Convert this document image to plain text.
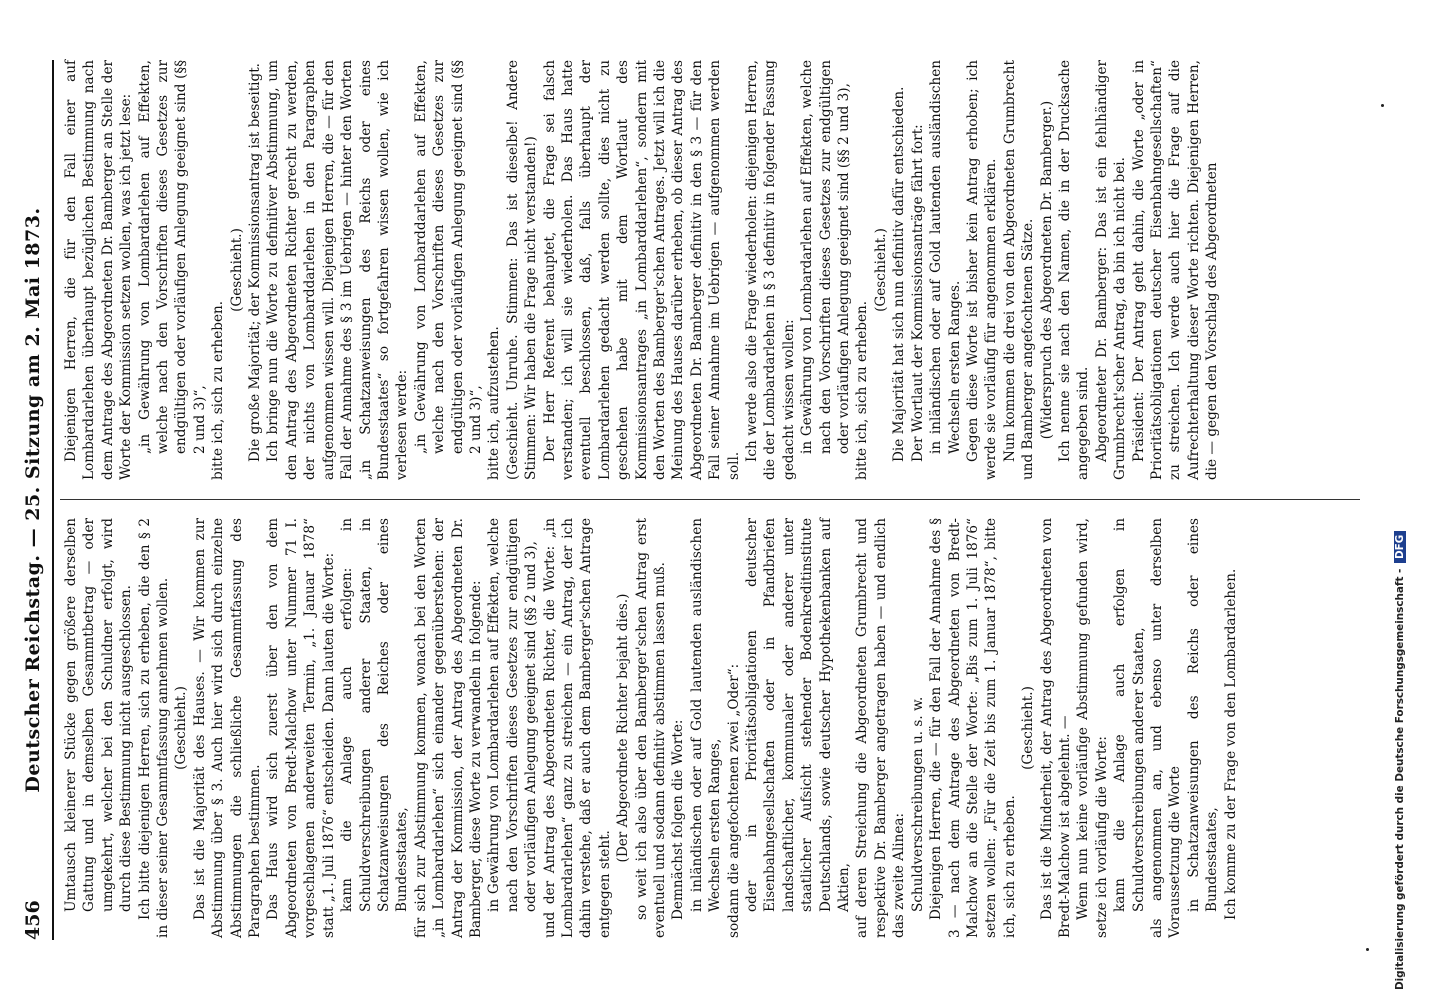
456
Deutscher Reichstag. — 25. Sitzung am 2. Mai 1873. Umtausch kleinerer Stücke gegen größere derselben Gattung und in demselben Gesammtbetrag — oder umgekehrt, welcher bei den Schuldner erfolgt, wird durch diese Bestimmung nicht ausgeschlossen. Ich bitte diejenigen Herren, sich zu erheben, die den § 2 in dieser seiner Gesammtfassung annehmen wollen. (Geschieht.) Das ist die Majorität des Hauses. — Wir kommen zur Abstimmung über § 3. Auch hier wird sich durch einzelne Abstimmungen die schließliche Gesammtfassung des Paragraphen bestimmen. Das Haus wird sich zuerst über den von dem Abgeordneten von Bredt-Malchow unter Nummer 71 I. vorgeschlagenen anderweiten Termin, „1. Januar 1878“ statt „1. Juli 1876“ entscheiden. Dann lauten die Worte: kann die Anlage auch erfolgen: in Schuldverschreibungen anderer Staaten, in Schatzanweisungen des Reiches oder eines Bundesstaates, für sich zur Abstimmung kommen, wonach bei den Worten „in Lombardarlehen“ sich einander gegenüberstehen: der Antrag der Kommission, der Antrag des Abgeordneten Dr. Bamberger, diese Worte zu verwandeln in folgende: in Gewährung von Lombardarlehen auf Effekten, welche nach den Vorschriften dieses Gesetzes zur endgültigen oder vorläufigen Anlegung geeignet sind (§§ 2 und 3), und der Antrag des Abgeordneten Richter, die Worte: „in Lombardarlehen“ ganz zu streichen — ein Antrag, der ich dahin verstehe, daß er auch dem Bamberger'schen Antrage entgegen steht.

(Der Abgeordnete Richter bejaht dies.) so weit ich also über den Bamberger'schen Antrag erst eventuell und sodann definitiv abstimmen lassen muß. Demnächst folgen die Worte: in inländischen oder auf Gold lautenden ausländischen Wechseln ersten Ranges, sodann die angefochtenen zwei „Oder“: oder in Prioritätsobligationen deutscher Eisenbahngesellschaften oder in Pfandbriefen landschaftlicher, kommunaler oder anderer unter staatlicher Aufsicht stehender Bodenkreditinstitute Deutschlands, sowie deutscher Hypothekenbanken auf Aktien, auf deren Streichung die Abgeordneten Grumbrecht und respektive Dr. Bamberger angetragen haben — und endlich das zweite Alinea: Schuldverschreibungen u. s. w. Diejenigen Herren, die — für den Fall der Annahme des § 3 — nach dem Antrage des Abgeordneten von Bredt-Malchow an die Stelle der Worte: „Bis zum 1. Juli 1876“ setzen wollen: „Für die Zeit bis zum 1. Januar 1878“, bitte ich, sich zu erheben.

(Geschieht.) Das ist die Minderheit, der Antrag des Abgeordneten von Bredt-Malchow ist abgelehnt. — Wenn nun keine vorläufige Abstimmung gefunden wird, setze ich vorläufig die Worte: kann die Anlage auch erfolgen in Schuldverschreibungen anderer Staaten, als angenommen an, und ebenso unter derselben Voraussetzung die Worte in Schatzanweisungen des Reichs oder eines Bundesstaates, Ich komme zu der Frage von den Lombardarlehen.

Diejenigen Herren, die für den Fall einer auf Lombardarlehen überhaupt bezüglichen Bestimmung nach dem Antrage des Abgeordneten Dr. Bamberger an Stelle der Worte der Kommission setzen wollen, was ich jetzt lese: „in Gewährung von Lombardarlehen auf Effekten, welche nach den Vorschriften dieses Gesetzes zur endgültigen oder vorläufigen Anlegung geeignet sind (§§ 2 und 3)“, bitte ich, sich zu erheben.

(Geschieht.) Die große Majorität; der Kommissionsantrag ist beseitigt. Ich bringe nun die Worte zu definitiver Abstimmung, um den Antrag des Abgeordneten Richter gerecht zu werden, der nichts von Lombarddarlehen in den Paragraphen aufgenommen wissen will. Diejenigen Herren, die — für den Fall der Annahme des § 3 im Uebrigen — hinter den Worten „in Schatzanweisungen des Reichs oder eines Bundesstaates“ so fortgefahren wissen wollen, wie ich verlesen werde: „in Gewährung von Lombarddarlehen auf Effekten, welche nach den Vorschriften dieses Gesetzes zur endgültigen oder vorläufigen Anlegung geeignet sind (§§ 2 und 3)“, bitte ich, aufzustehen. (Geschieht. Unruhe. Stimmen: Das ist dieselbe! Andere Stimmen: Wir haben die Frage nicht verstanden!) Der Herr Referent behauptet, die Frage sei falsch verstanden; ich will sie wiederholen. Das Haus hatte eventuell beschlossen, daß, falls überhaupt der Lombardarlehen gedacht werden sollte, dies nicht zu geschehen habe mit dem Wortlaut des Kommissionsantrages „in Lombarddarlehen“, sondern mit den Worten des Bamberger'schen Antrages. Jetzt will ich die Meinung des Hauses darüber erheben, ob dieser Antrag des Abgeordneten Dr. Bamberger definitiv in den § 3 — für den Fall seiner Annahme im Uebrigen — aufgenommen werden soll.

Ich werde also die Frage wiederholen: diejenigen Herren, die der Lombardarlehen in § 3 definitiv in folgender Fassung gedacht wissen wollen: in Gewährung von Lombardarlehen auf Effekten, welche nach den Vorschriften dieses Gesetzes zur endgültigen oder vorläufigen Anlegung geeignet sind (§§ 2 und 3), bitte ich, sich zu erheben.

(Geschieht.) Die Majorität hat sich nun definitiv dafür entschieden. Der Wortlaut der Kommissionsanträge fährt fort: in inländischen oder auf Gold lautenden ausländischen Wechseln ersten Ranges. Gegen diese Worte ist bisher kein Antrag erhoben; ich werde sie vorläufig für angenommen erklären. Nun kommen die drei von den Abgeordneten Grumbrecht und Bamberger angefochtenen Sätze. (Widerspruch des Abgeordneten Dr. Bamberger.) Ich nenne sie nach den Namen, die in der Drucksache angegeben sind. Abgeordneter Dr. Bamberger: Das ist ein fehlhändiger Grumbrecht'scher Antrag, da bin ich nicht bei. Präsident: Der Antrag geht dahin, die Worte „oder in Prioritätsobligationen deutscher Eisenbahngesellschaften“ zu streichen. Ich werde auch hier die Frage auf die Aufrechterhaltung dieser Worte richten. Diejenigen Herren, die — gegen den Vorschlag des Abgeordneten

Digitalisierung gefördert durch die Deutsche Forschungsgemeinschaft - DFG
